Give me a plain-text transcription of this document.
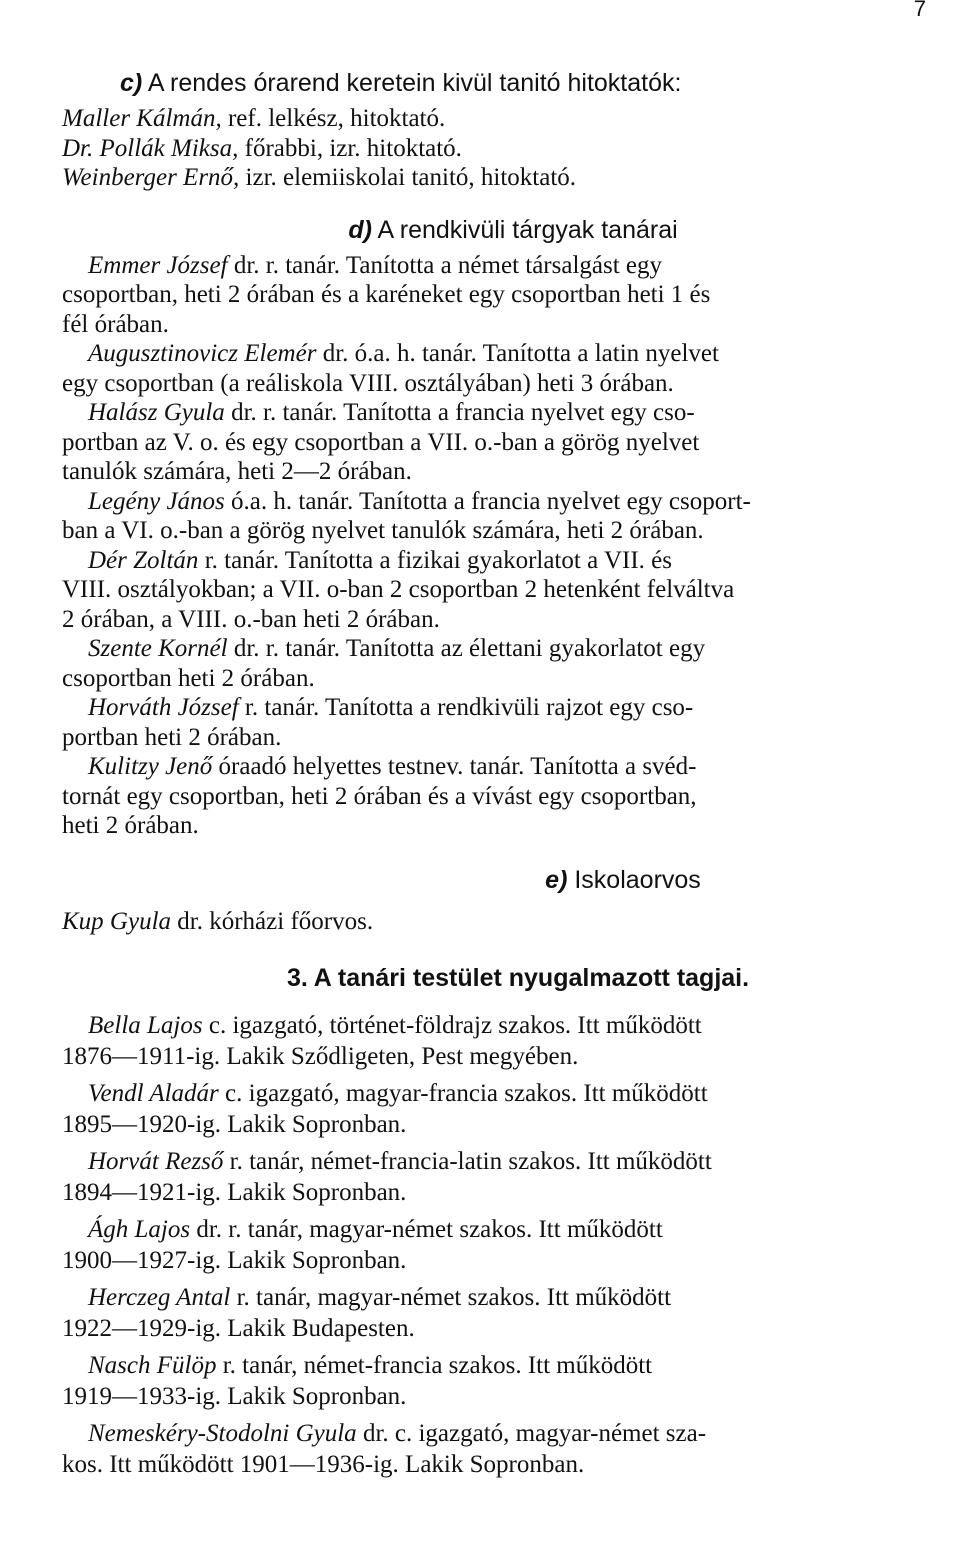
7

c) A rendes órarend keretein kivül tanitó hitoktatók:

Maller Kálmán, ref. lelkész, hitoktató.

Dr. Pollák Miksa, főrabbi, izr. hitoktató.

Weinberger Ernő, izr. elemiiskolai tanitó, hitoktató.

d) A rendkivüli tárgyak tanárai

Emmer József dr. r. tanár. Tanította a német társalgást egy

csoportban, heti 2 órában és a karéneket egy csoportban heti 1 és

fél órában.

Augusztinovicz Elemér dr. ó.a. h. tanár. Tanította a latin nyelvet

egy csoportban (a reáliskola VIII. osztályában) heti 3 órában.

Halász Gyula dr. r. tanár. Tanította a francia nyelvet egy cso-

portban az V. o. és egy csoportban a VII. o.-ban a görög nyelvet

tanulók számára, heti 2—2 órában.

Legény János ó.a. h. tanár. Tanította a francia nyelvet egy csoport-

ban a VI. o.-ban a görög nyelvet tanulók számára, heti 2 órában.

Dér Zoltán r. tanár. Tanította a fizikai gyakorlatot a VII. és

VIII. osztályokban; a VII. o-ban 2 csoportban 2 hetenként felváltva

2 órában, a VIII. o.-ban heti 2 órában.

Szente Kornél dr. r. tanár. Tanította az élettani gyakorlatot egy

csoportban heti 2 órában.

Horváth József r. tanár. Tanította a rendkivüli rajzot egy cso-

portban heti 2 órában.

Kulitzy Jenő óraadó helyettes testnev. tanár. Tanította a svéd-

tornát egy csoportban, heti 2 órában és a vívást egy csoportban,

heti 2 órában.

e) Iskolaorvos

Kup Gyula dr. kórházi főorvos.

3. A tanári testület nyugalmazott tagjai.

Bella Lajos c. igazgató, történet-földrajz szakos. Itt működött

1876—1911-ig. Lakik Sződligeten, Pest megyében.

Vendl Aladár c. igazgató, magyar-francia szakos. Itt működött

1895—1920-ig. Lakik Sopronban.

Horvát Rezső r. tanár, német-francia-latin szakos. Itt működött

1894—1921-ig. Lakik Sopronban.

Ágh Lajos dr. r. tanár, magyar-német szakos. Itt működött

1900—1927-ig. Lakik Sopronban.

Herczeg Antal r. tanár, magyar-német szakos. Itt működött

1922—1929-ig. Lakik Budapesten.

Nasch Fülöp r. tanár, német-francia szakos. Itt működött

1919—1933-ig. Lakik Sopronban.

Nemeskéry-Stodolni Gyula dr. c. igazgató, magyar-német sza-

kos. Itt működött 1901—1936-ig. Lakik Sopronban.
